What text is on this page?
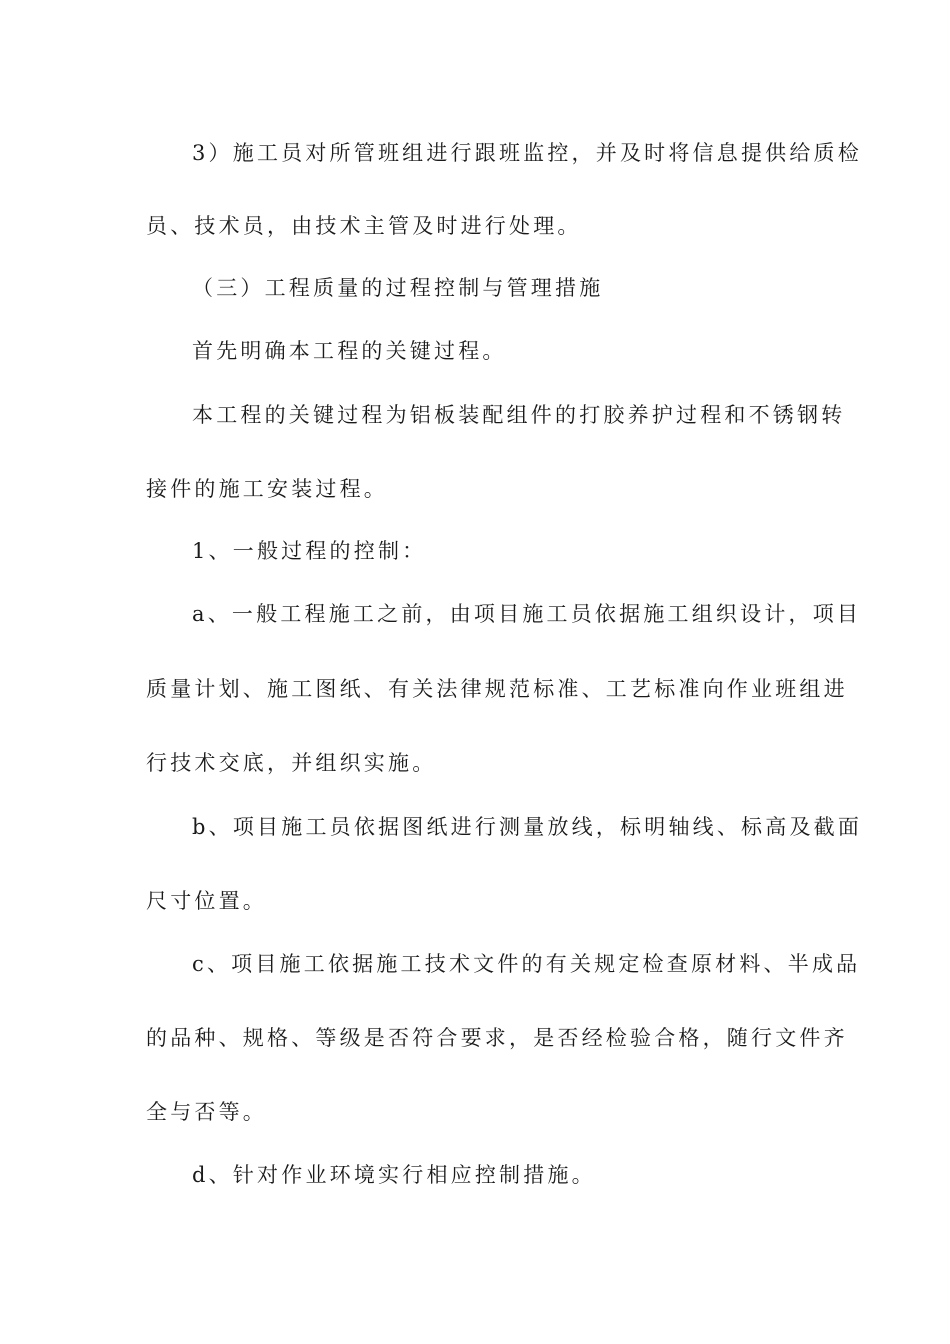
3）施工员对所管班组进行跟班监控，并及时将信息提供给质检
员、技术员，由技术主管及时进行处理。
（三）工程质量的过程控制与管理措施
首先明确本工程的关键过程。
本工程的关键过程为铝板装配组件的打胶养护过程和不锈钢转
接件的施工安装过程。
1、一般过程的控制：
a、一般工程施工之前，由项目施工员依据施工组织设计，项目
质量计划、施工图纸、有关法律规范标准、工艺标准向作业班组进
行技术交底，并组织实施。
b、项目施工员依据图纸进行测量放线，标明轴线、标高及截面
尺寸位置。
c、项目施工依据施工技术文件的有关规定检查原材料、半成品
的品种、规格、等级是否符合要求，是否经检验合格，随行文件齐
全与否等。
d、针对作业环境实行相应控制措施。
